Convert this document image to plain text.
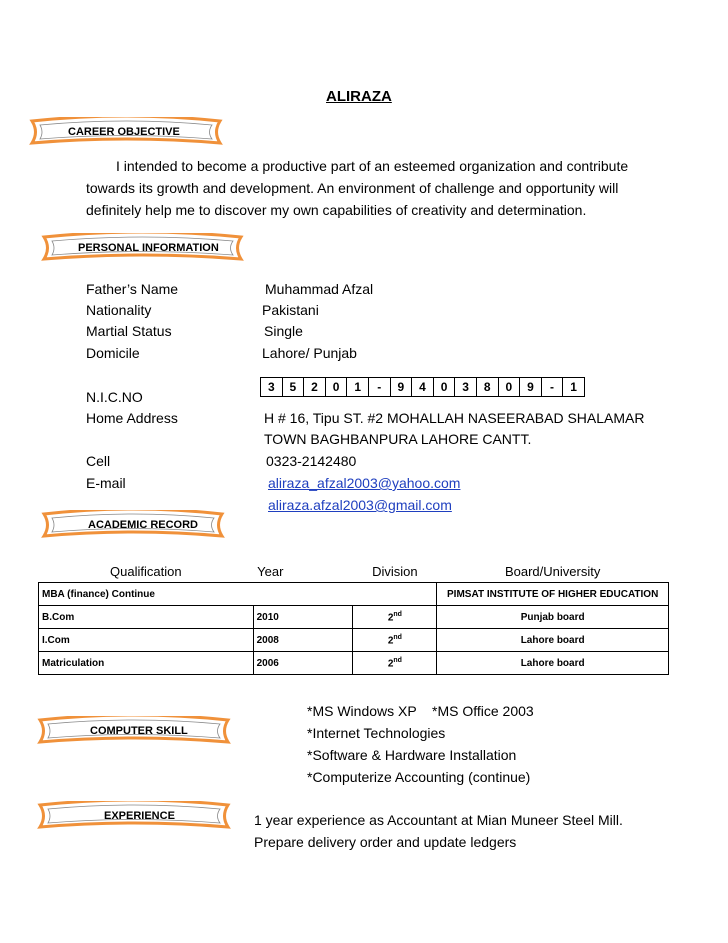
ALIRAZA
CAREER OBJECTIVE
I intended to become a productive part of an esteemed organization and contribute
towards its growth and development. An environment of challenge and opportunity will
definitely help me to discover my own capabilities of creativity and determination.
PERSONAL INFORMATION
Father’s Name	Muhammad Afzal
Nationality	Pakistani
Martial Status	Single
Domicile	Lahore/ Punjab
3	5	2	0	1	-	9	4	0	3	8	0	9	-	1
N.I.C.NO
Home Address	H # 16, Tipu ST. #2 MOHALLAH NASEERABAD SHALAMAR
TOWN BAGHBANPURA LAHORE CANTT.
Cell	0323-2142480
E-mail	aliraza_afzal2003@yahoo.com
aliraza.afzal2003@gmail.com
ACADEMIC RECORD
Qualification	Year	Division	Board/University
MBA (finance) Continue			PIMSAT INSTITUTE OF HIGHER EDUCATION
B.Com	2010	2nd	Punjab board
I.Com	2008	2nd	Lahore board
Matriculation	2006	2nd	Lahore board
COMPUTER SKILL
*MS Windows XP    *MS Office 2003
*Internet Technologies
*Software & Hardware Installation
*Computerize Accounting (continue)
EXPERIENCE	1 year experience as Accountant at Mian Muneer Steel Mill.
Prepare delivery order and update ledgers
